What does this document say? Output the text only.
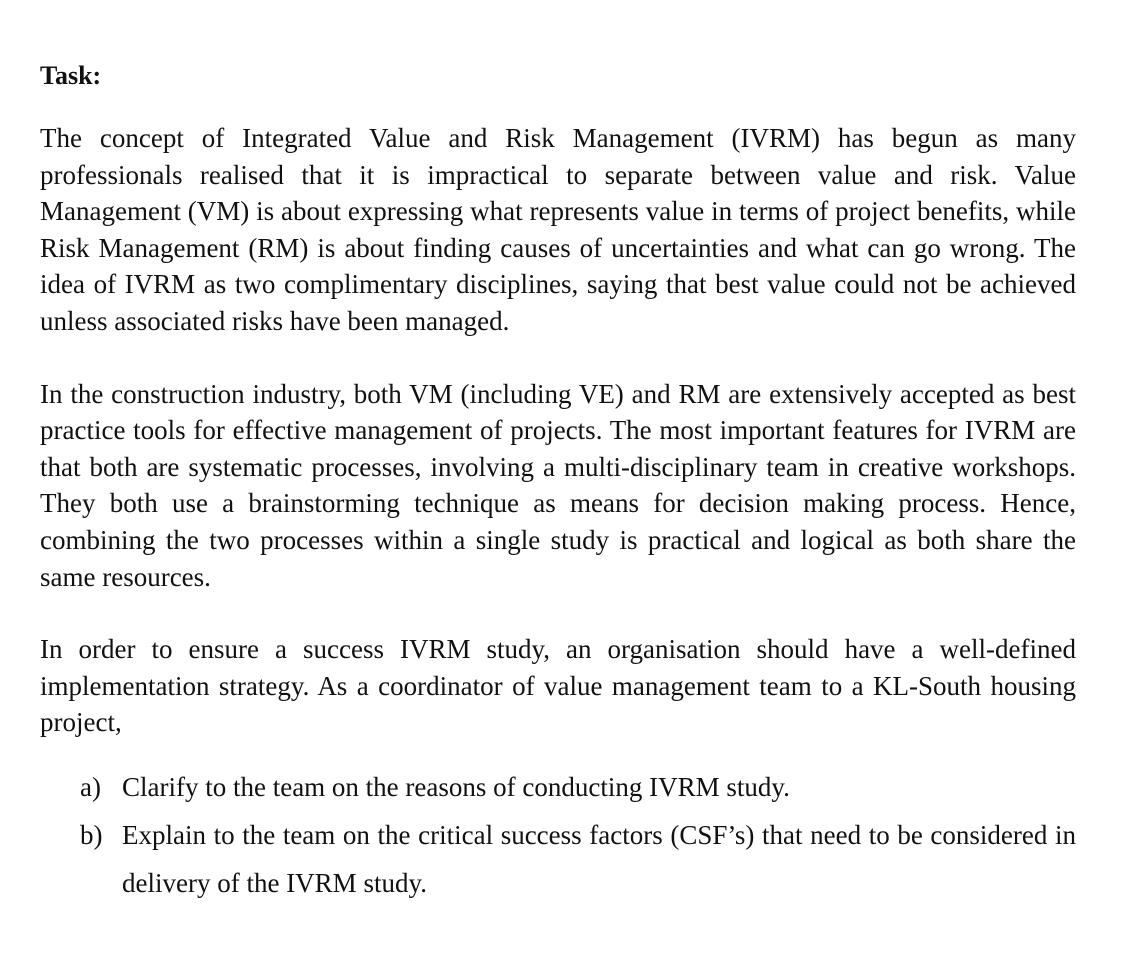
Task:

The concept of Integrated Value and Risk Management (IVRM) has begun as many professionals realised that it is impractical to separate between value and risk. Value Management (VM) is about expressing what represents value in terms of project benefits, while Risk Management (RM) is about finding causes of uncertainties and what can go wrong. The idea of IVRM as two complimentary disciplines, saying that best value could not be achieved unless associated risks have been managed.

In the construction industry, both VM (including VE) and RM are extensively accepted as best practice tools for effective management of projects. The most important features for IVRM are that both are systematic processes, involving a multi-disciplinary team in creative workshops. They both use a brainstorming technique as means for decision making process. Hence, combining the two processes within a single study is practical and logical as both share the same resources.

In order to ensure a success IVRM study, an organisation should have a well-defined implementation strategy. As a coordinator of value management team to a KL-South housing project,

a) Clarify to the team on the reasons of conducting IVRM study.
b) Explain to the team on the critical success factors (CSF’s) that need to be considered in delivery of the IVRM study.
